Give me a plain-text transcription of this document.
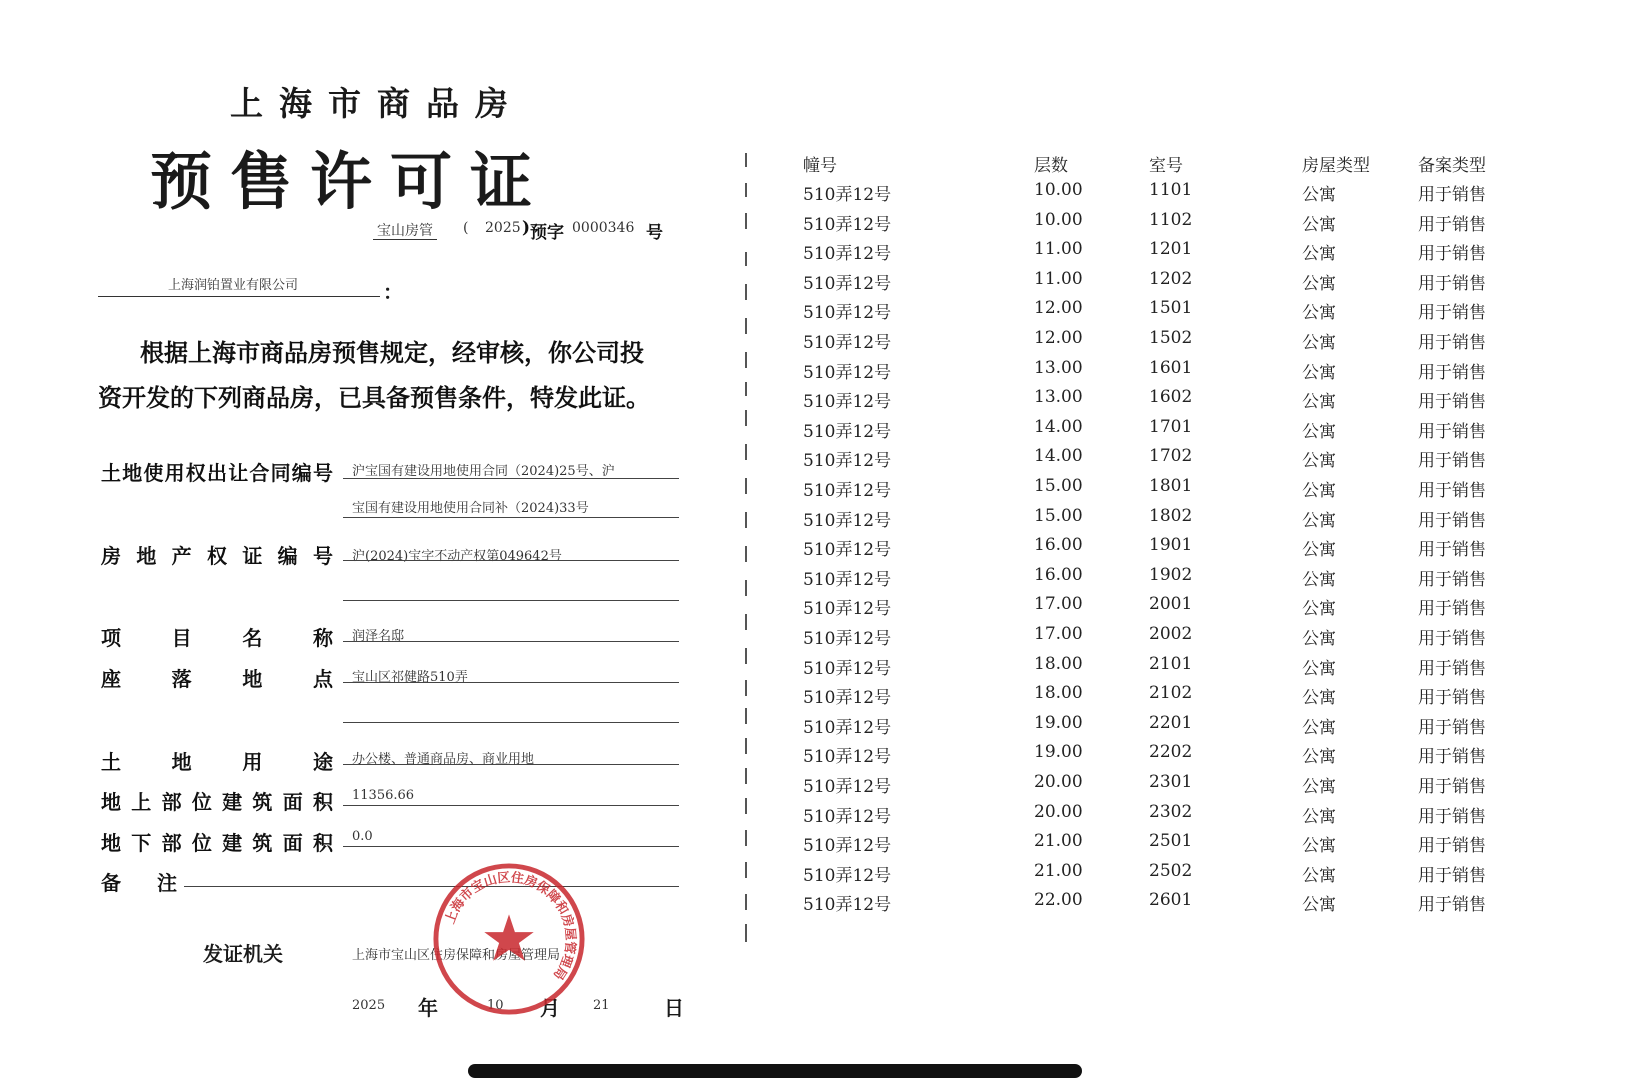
上海市商品房
预售许可证
宝山房管 ( 2025 ) 预字 0000346 号
上海润铂置业有限公司	：
根据上海市商品房预售规定，经审核，你公司投
资开发的下列商品房，已具备预售条件，特发此证。
土地使用权出让合同编号 沪宝国有建设用地使用合同（2024)25号、沪
宝国有建设用地使用合同补（2024)33号
房地产权证编号 沪(2024)宝字不动产权第049642号
项目名称 润泽名邸
座落地点 宝山区祁健路510弄
土地用途 办公楼、普通商品房、商业用地
地上部位建筑面积 11356.66
地下部位建筑面积 0.0
备注
发证机关	上海市宝山区住房保障和房屋管理局
2025 年	10 月	21	日
上海市宝山区住房保障和房屋管理局
幢号	层数	室号	房屋类型	备案类型
510弄12号	10.00	1101	公寓	用于销售
510弄12号	10.00	1102	公寓	用于销售
510弄12号	11.00	1201	公寓	用于销售
510弄12号	11.00	1202	公寓	用于销售
510弄12号	12.00	1501	公寓	用于销售
510弄12号	12.00	1502	公寓	用于销售
510弄12号	13.00	1601	公寓	用于销售
510弄12号	13.00	1602	公寓	用于销售
510弄12号	14.00	1701	公寓	用于销售
510弄12号	14.00	1702	公寓	用于销售
510弄12号	15.00	1801	公寓	用于销售
510弄12号	15.00	1802	公寓	用于销售
510弄12号	16.00	1901	公寓	用于销售
510弄12号	16.00	1902	公寓	用于销售
510弄12号	17.00	2001	公寓	用于销售
510弄12号	17.00	2002	公寓	用于销售
510弄12号	18.00	2101	公寓	用于销售
510弄12号	18.00	2102	公寓	用于销售
510弄12号	19.00	2201	公寓	用于销售
510弄12号	19.00	2202	公寓	用于销售
510弄12号	20.00	2301	公寓	用于销售
510弄12号	20.00	2302	公寓	用于销售
510弄12号	21.00	2501	公寓	用于销售
510弄12号	21.00	2502	公寓	用于销售
510弄12号	22.00	2601	公寓	用于销售
